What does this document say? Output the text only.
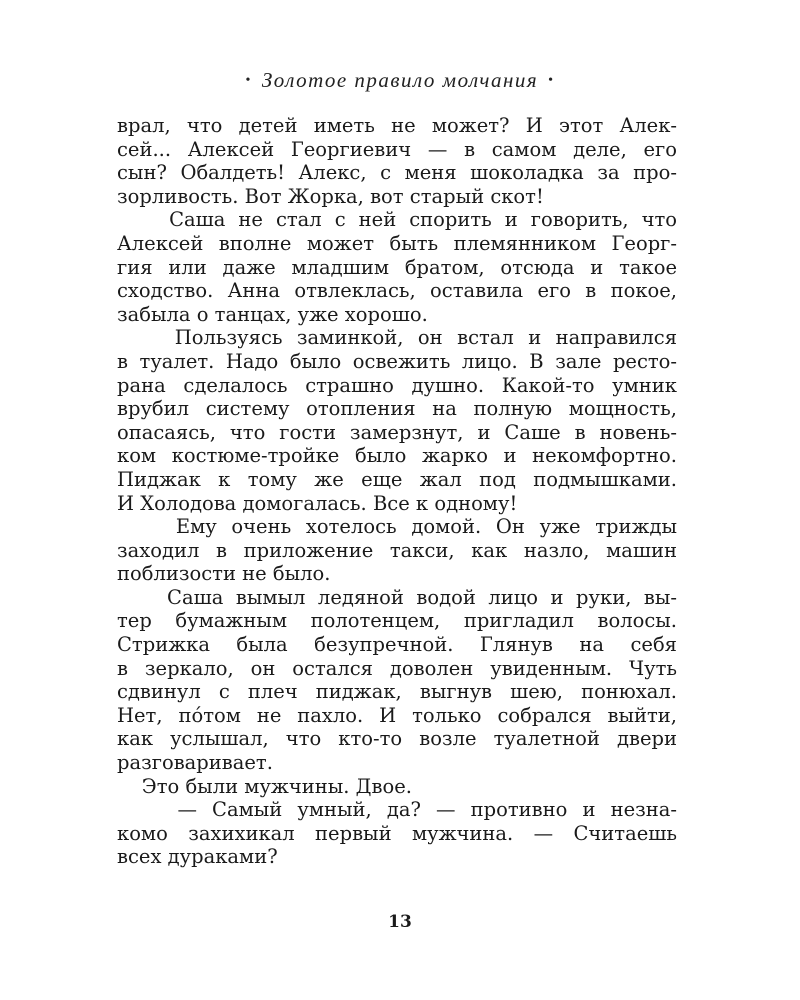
• Золотое правило молчания •
врал, что детей иметь не может? И этот Алек-
сей... Алексей Георгиевич — в самом деле, его
сын? Обалдеть! Алекс, с меня шоколадка за про-
зорливость. Вот Жорка, вот старый скот!
Саша не стал с ней спорить и говорить, что
Алексей вполне может быть племянником Георг-
гия или даже младшим братом, отсюда и такое
сходство. Анна отвлеклась, оставила его в покое,
забыла о танцах, уже хорошо.
Пользуясь заминкой, он встал и направился
в туалет. Надо было освежить лицо. В зале ресто-
рана сделалось страшно душно. Какой-то умник
врубил систему отопления на полную мощность,
опасаясь, что гости замерзнут, и Саше в новень-
ком костюме-тройке было жарко и некомфортно.
Пиджак к тому же еще жал под подмышками.
И Холодова домогалась. Все к одному!
Ему очень хотелось домой. Он уже трижды
заходил в приложение такси, как назло, машин
поблизости не было.
Саша вымыл ледяной водой лицо и руки, вы-
тер бумажным полотенцем, пригладил волосы.
Стрижка была безупречной. Глянув на себя
в зеркало, он остался доволен увиденным. Чуть
сдвинул с плеч пиджак, выгнув шею, понюхал.
Нет, пóтом не пахло. И только собрался выйти,
как услышал, что кто-то возле туалетной двери
разговаривает.
Это были мужчины. Двое.
— Самый умный, да? — противно и незна-
комо захихикал первый мужчина. — Считаешь
всех дураками?
13
